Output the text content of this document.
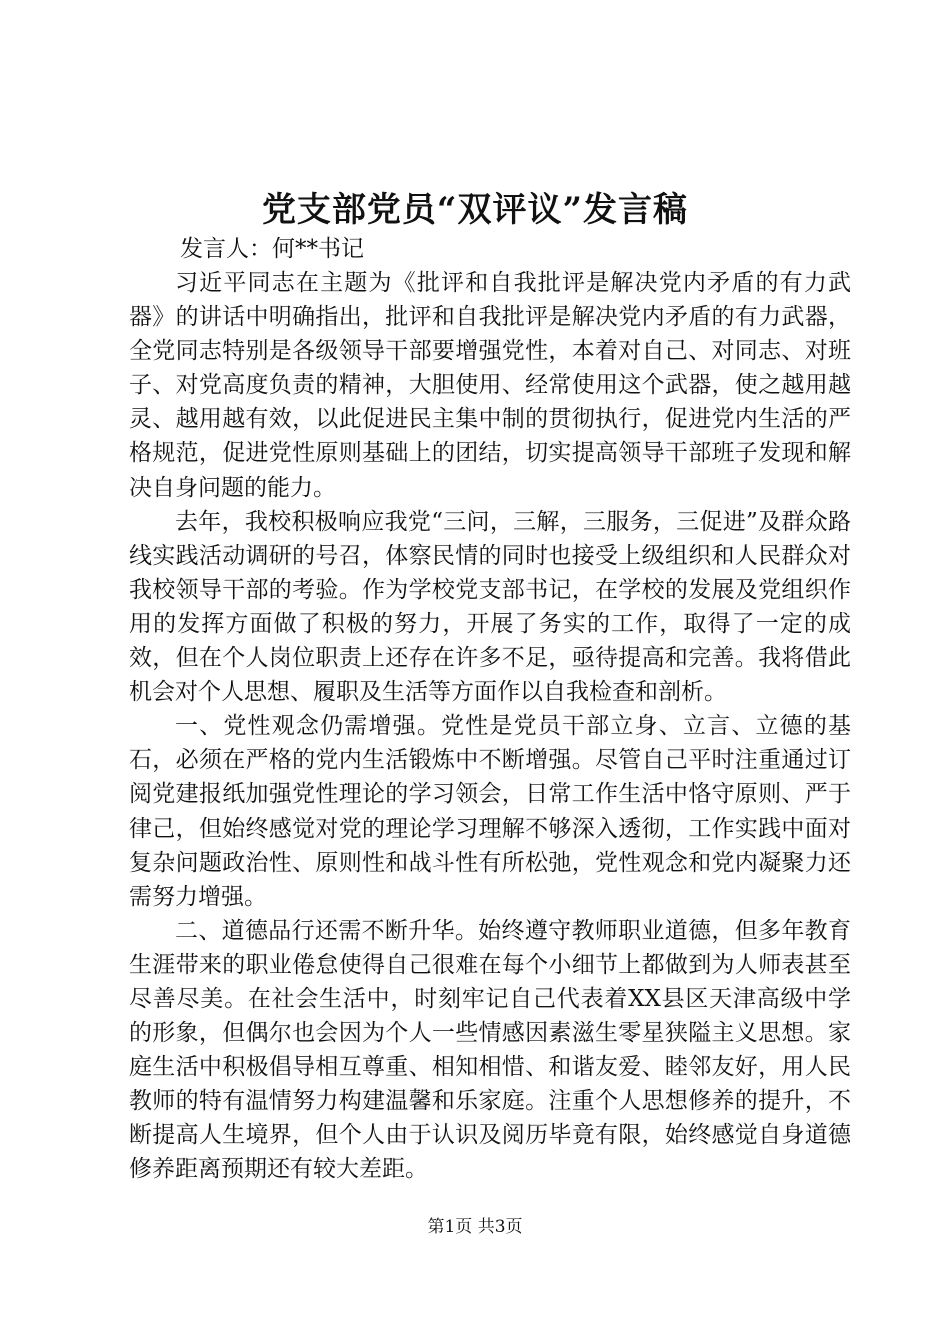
党支部党员“双评议”发言稿
发言人：何**书记

习近平同志在主题为《批评和自我批评是解决党内矛盾的有力武器》的讲话中明确指出，批评和自我批评是解决党内矛盾的有力武器，全党同志特别是各级领导干部要增强党性，本着对自己、对同志、对班子、对党高度负责的精神，大胆使用、经常使用这个武器，使之越用越灵、越用越有效，以此促进民主集中制的贯彻执行，促进党内生活的严格规范，促进党性原则基础上的团结，切实提高领导干部班子发现和解决自身问题的能力。

去年，我校积极响应我党“三问，三解，三服务，三促进”及群众路线实践活动调研的号召，体察民情的同时也接受上级组织和人民群众对我校领导干部的考验。作为学校党支部书记，在学校的发展及党组织作用的发挥方面做了积极的努力，开展了务实的工作，取得了一定的成效，但在个人岗位职责上还存在许多不足，亟待提高和完善。我将借此机会对个人思想、履职及生活等方面作以自我检查和剖析。

一、党性观念仍需增强。党性是党员干部立身、立言、立德的基石，必须在严格的党内生活锻炼中不断增强。尽管自己平时注重通过订阅党建报纸加强党性理论的学习领会，日常工作生活中恪守原则、严于律己，但始终感觉对党的理论学习理解不够深入透彻，工作实践中面对复杂问题政治性、原则性和战斗性有所松弛，党性观念和党内凝聚力还需努力增强。

二、道德品行还需不断升华。始终遵守教师职业道德，但多年教育生涯带来的职业倦怠使得自己很难在每个小细节上都做到为人师表甚至尽善尽美。在社会生活中，时刻牢记自己代表着XX县区天津高级中学的形象，但偶尔也会因为个人一些情感因素滋生零星狭隘主义思想。家庭生活中积极倡导相互尊重、相知相惜、和谐友爱、睦邻友好，用人民教师的特有温情努力构建温馨和乐家庭。注重个人思想修养的提升，不断提高人生境界，但个人由于认识及阅历毕竟有限，始终感觉自身道德修养距离预期还有较大差距。

第1页 共3页
